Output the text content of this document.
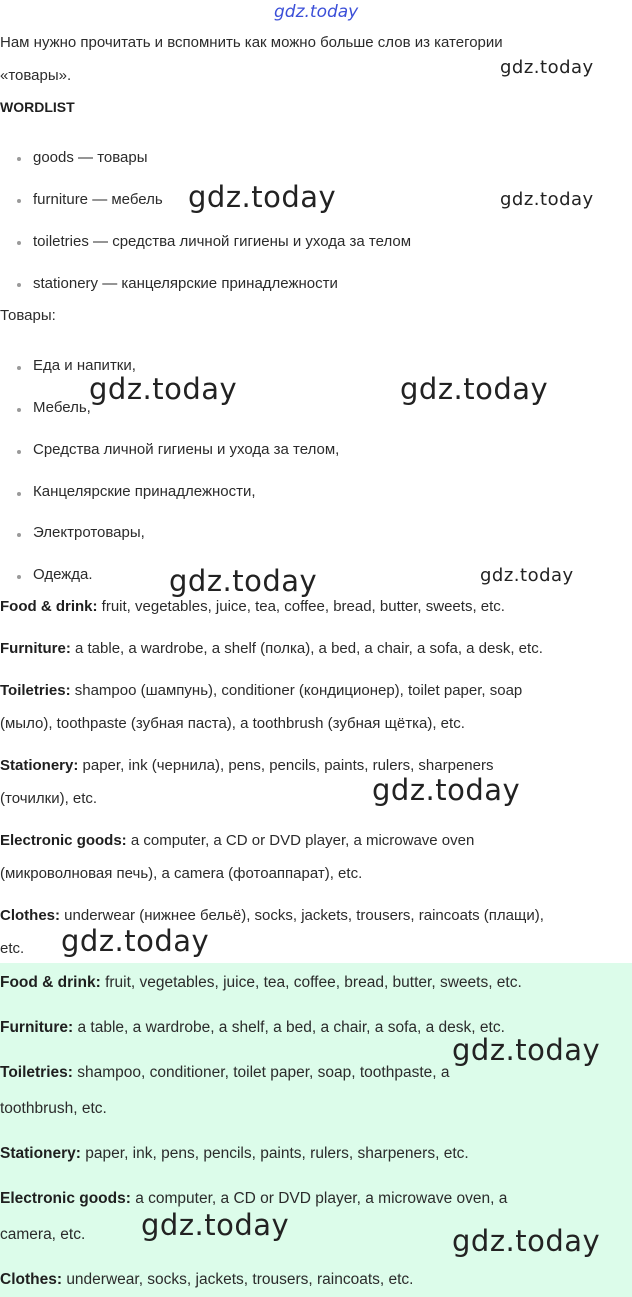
gdz.today
Нам нужно прочитать и вспомнить как можно больше слов из категории
«товары».
WORDLIST
goods — товары
furniture — мебель
toiletries — средства личной гигиены и ухода за телом
stationery — канцелярские принадлежности
Товары:
Еда и напитки,
Мебель,
Средства личной гигиены и ухода за телом,
Канцелярские принадлежности,
Электротовары,
Одежда.
Food & drink: fruit, vegetables, juice, tea, coffee, bread, butter, sweets, etc.
Furniture: a table, a wardrobe, a shelf (полка), a bed, a chair, a sofa, a desk, etc.
Toiletries: shampoo (шампунь), conditioner (кондиционер), toilet paper, soap
(мыло), toothpaste (зубная паста), a toothbrush (зубная щётка), etc.
Stationery: paper, ink (чернила), pens, pencils, paints, rulers, sharpeners
(точилки), etc.
Electronic goods: a computer, a CD or DVD player, a microwave oven
(микроволновая печь), a camera (фотоаппарат), etc.
Clothes: underwear (нижнее бельё), socks, jackets, trousers, raincoats (плащи),
etc.
Food & drink: fruit, vegetables, juice, tea, coffee, bread, butter, sweets, etc.
Furniture: a table, a wardrobe, a shelf, a bed, a chair, a sofa, a desk, etc.
Toiletries: shampoo, conditioner, toilet paper, soap, toothpaste, a
toothbrush, etc.
Stationery: paper, ink, pens, pencils, paints, rulers, sharpeners, etc.
Electronic goods: a computer, a CD or DVD player, a microwave oven, a
camera, etc.
Clothes: underwear, socks, jackets, trousers, raincoats, etc.
gdz.today
gdz.today	gdz.today
gdz.today	gdz.today
gdz.today	gdz.today
gdz.today
gdz.today
gdz.today
gdz.today	gdz.today
